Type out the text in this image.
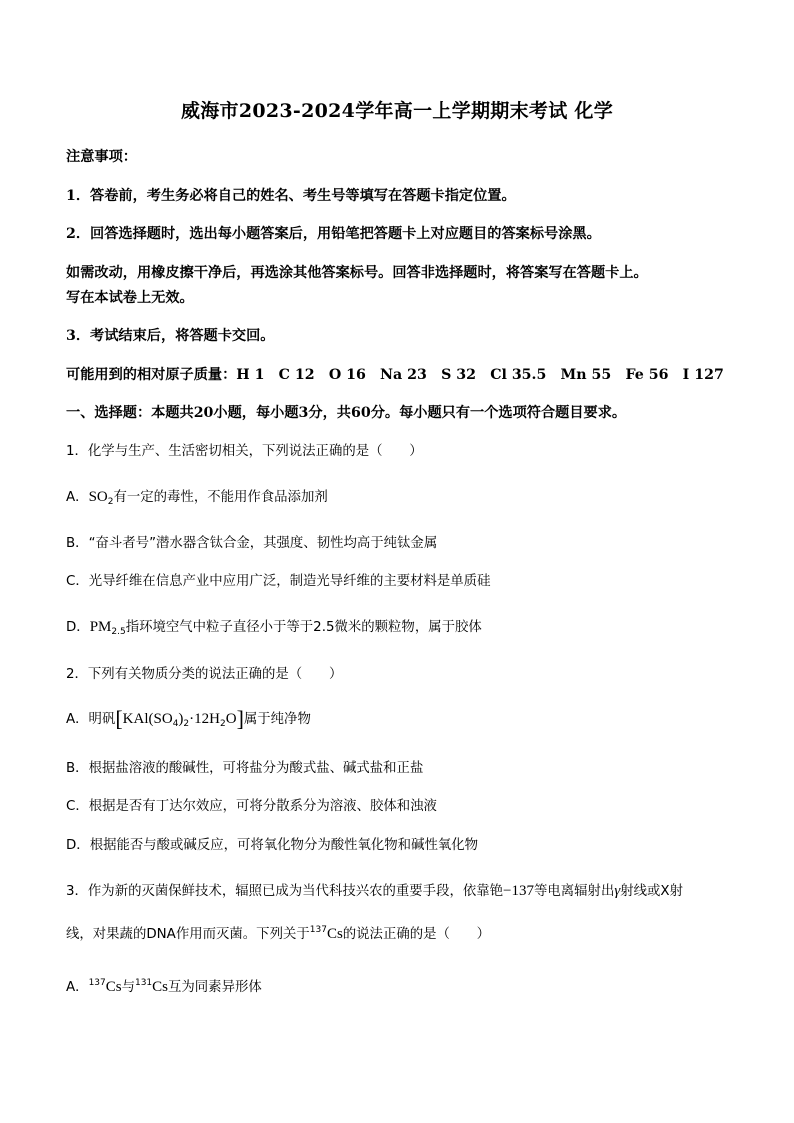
威海市2023-2024学年高一上学期期末考试 化学
注意事项：
1．答卷前，考生务必将自己的姓名、考生号等填写在答题卡指定位置。
2．回答选择题时，选出每小题答案后，用铅笔把答题卡上对应题目的答案标号涂黑。
如需改动，用橡皮擦干净后，再选涂其他答案标号。回答非选择题时，将答案写在答题卡上。
写在本试卷上无效。
3．考试结束后，将答题卡交回。
可能用到的相对原子质量：H 1　C 12　O 16　Na 23　S 32　Cl 35.5　Mn 55　Fe 56　I 127
一、选择题：本题共20小题，每小题3分，共60分。每小题只有一个选项符合题目要求。
1．化学与生产、生活密切相关，下列说法正确的是（　　）
A．$SO_2$有一定的毒性，不能用作食品添加剂
B．“奋斗者号”潜水器含钛合金，其强度、韧性均高于纯钛金属
C．光导纤维在信息产业中应用广泛，制造光导纤维的主要材料是单质硅
D．$PM_{2.5}$指环境空气中粒子直径小于等于2.5微米的颗粒物，属于胶体
2．下列有关物质分类的说法正确的是（　　）
A．明矾$[KAl(SO_4)_2\cdot 12H_2O]$属于纯净物
B．根据盐溶液的酸碱性，可将盐分为酸式盐、碱式盐和正盐
C．根据是否有丁达尔效应，可将分散系分为溶液、胶体和浊液
D．根据能否与酸或碱反应，可将氧化物分为酸性氧化物和碱性氧化物
3．作为新的灭菌保鲜技术，辐照已成为当代科技兴农的重要手段，依靠铯−137等电离辐射出γ射线或X射
线，对果蔬的DNA作用而灭菌。下列关于$^{137}$Cs的说法正确的是（　　）
A．$^{137}$Cs与$^{131}$Cs互为同素异形体
